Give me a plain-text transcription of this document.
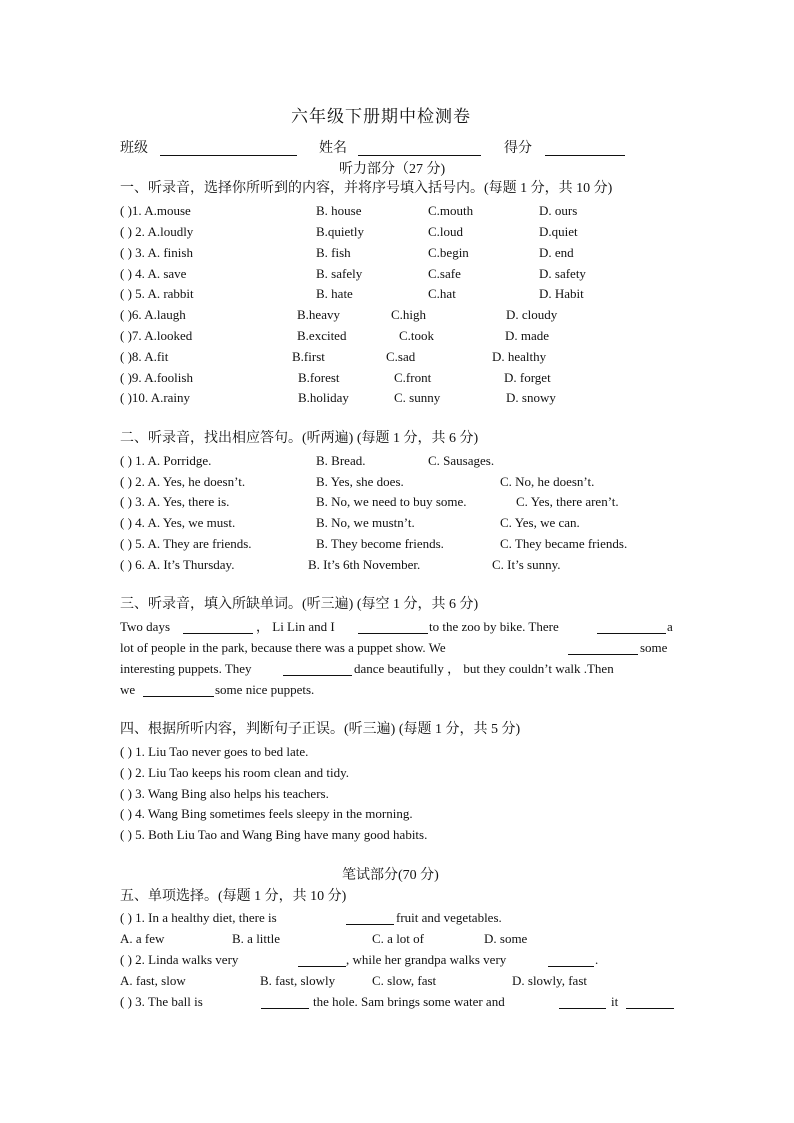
六年级下册期中检测卷
班级	姓名	得分
听力部分（27 分)
一、听录音，选择你所听到的内容，并将序号填入括号内。(每题 1 分，共 10 分)
( )1. A.mouse	B. house	C.mouth	D. ours
( ) 2. A.loudly	B.quietly	C.loud	D.quiet
( ) 3. A. finish	B. fish	C.begin	D. end
( ) 4. A. save	B. safely	C.safe	D. safety
( ) 5. A. rabbit	B. hate	C.hat	D. Habit
( )6. A.laugh	B.heavy	C.high	D. cloudy
( )7. A.looked	B.excited	C.took	D. made
( )8. A.fit	B.first	C.sad	D. healthy
( )9. A.foolish	B.forest	C.front	D. forget
( )10. A.rainy	B.holiday	C. sunny	D. snowy
二、听录音，找出相应答句。(听两遍) (每题 1 分，共 6 分)
( ) 1. A. Porridge.	B. Bread.	C. Sausages.
( ) 2. A. Yes, he doesn’t.	B. Yes, she does.	C. No, he doesn’t.
( ) 3. A. Yes, there is.	B. No, we need to buy some.	C. Yes, there aren’t.
( ) 4. A. Yes, we must.	B. No, we mustn’t.	C. Yes, we can.
( ) 5. A. They are friends.	B. They become friends.	C. They became friends.
( ) 6. A. It’s Thursday.	B. It’s 6th November.	C. It’s sunny.
三、听录音，填入所缺单词。(听三遍) (每空 1 分，共 6 分)
Two days	， Li Lin and I	to the zoo by bike. There	a
lot of people in the park, because there was a puppet show. We	some
interesting puppets. They	dance beautifully ， but they couldn’t walk .Then
we	some nice puppets.
四、根据所听内容，判断句子正误。(听三遍) (每题 1 分，共 5 分)
( ) 1. Liu Tao never goes to bed late.
( ) 2. Liu Tao keeps his room clean and tidy.
( ) 3. Wang Bing also helps his teachers.
( ) 4. Wang Bing sometimes feels sleepy in the morning.
( ) 5. Both Liu Tao and Wang Bing have many good habits.
笔试部分(70 分)
五、单项选择。(每题 1 分，共 10 分)
( ) 1. In a healthy diet, there is	fruit and vegetables.
A. a few	B. a little	C. a lot of	D. some
( ) 2. Linda walks very	, while her grandpa walks very	.
A. fast, slow	B. fast, slowly	C. slow, fast	D. slowly, fast
( ) 3. The ball is	the hole. Sam brings some water and	it
